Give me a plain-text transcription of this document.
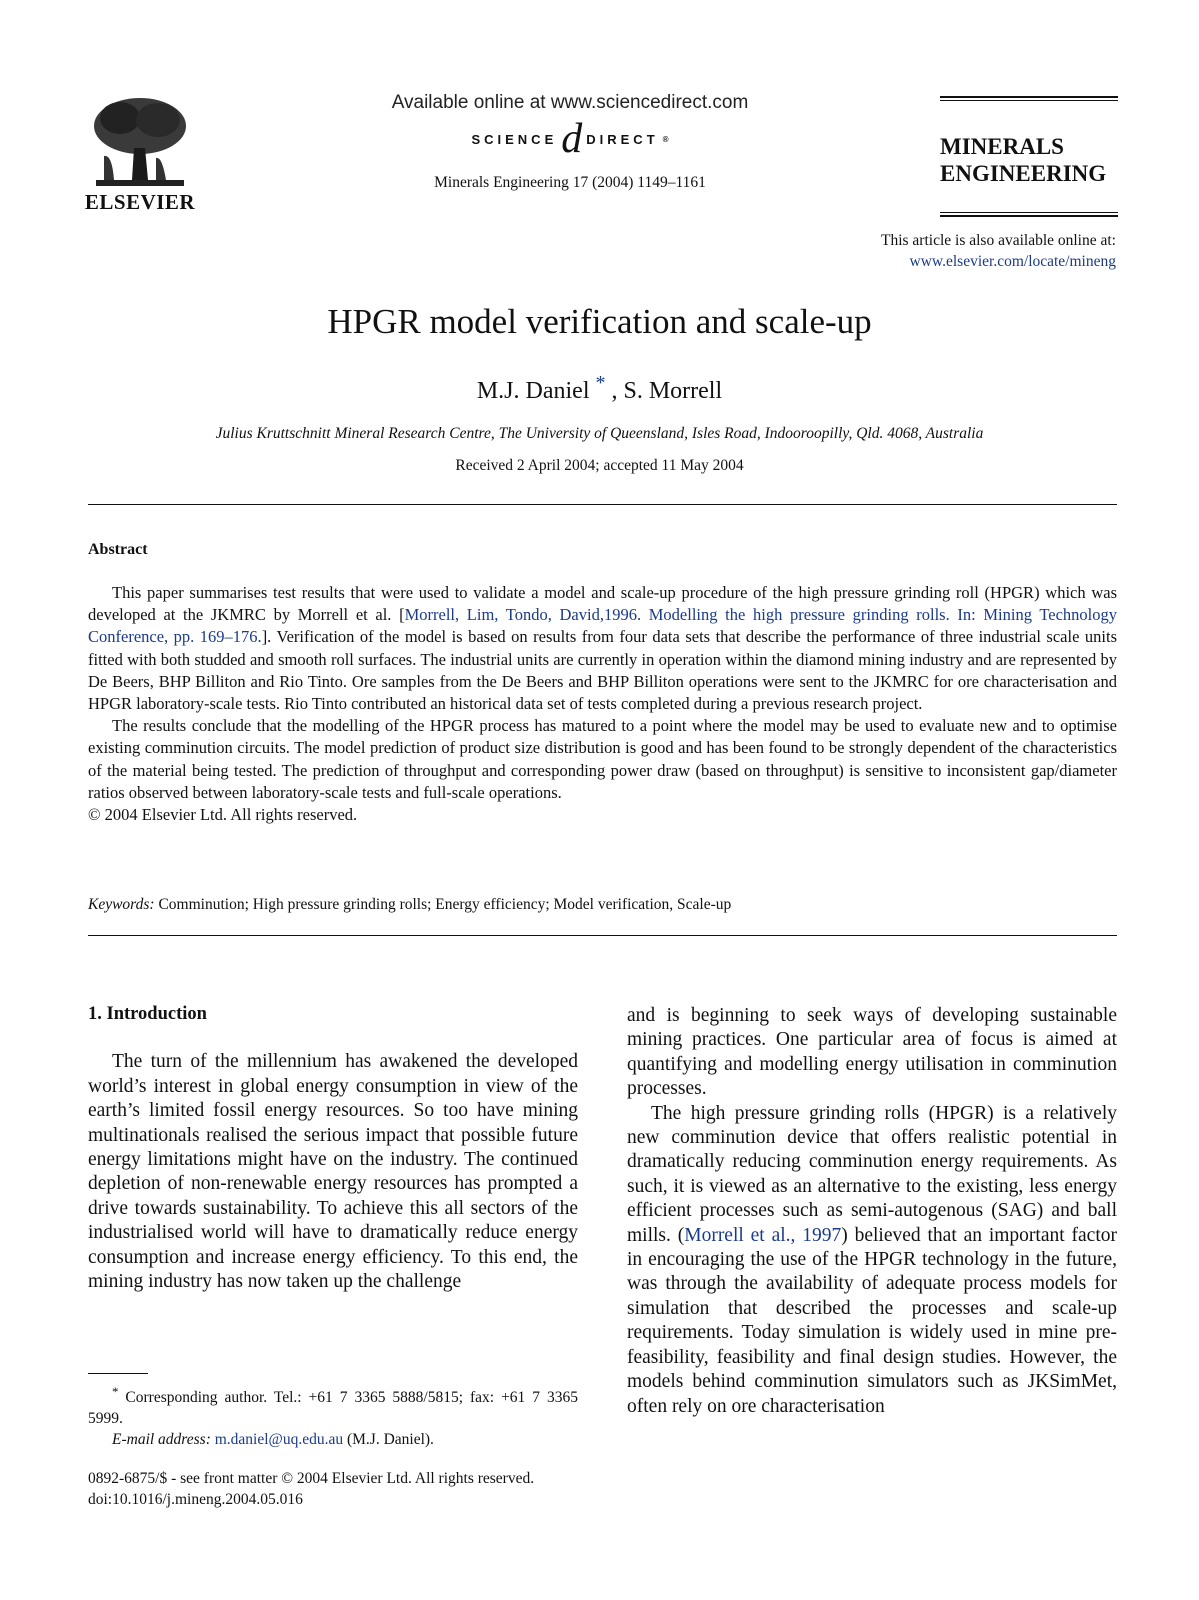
ELSEVIER
Available online at www.sciencedirect.com
SCIENCE d DIRECT ®
Minerals Engineering 17 (2004) 1149–1161
MINERALS
ENGINEERING
This article is also available online at:
www.elsevier.com/locate/mineng
HPGR model verification and scale-up
M.J. Daniel * , S. Morrell
Julius Kruttschnitt Mineral Research Centre, The University of Queensland, Isles Road, Indooroopilly, Qld. 4068, Australia
Received 2 April 2004; accepted 11 May 2004
Abstract

This paper summarises test results that were used to validate a model and scale-up procedure of the high pressure grinding roll (HPGR) which was developed at the JKMRC by Morrell et al. [Morrell, Lim, Tondo, David,1996. Modelling the high pressure grinding rolls. In: Mining Technology Conference, pp. 169–176.]. Verification of the model is based on results from four data sets that describe the performance of three industrial scale units fitted with both studded and smooth roll surfaces. The industrial units are currently in operation within the diamond mining industry and are represented by De Beers, BHP Billiton and Rio Tinto. Ore samples from the De Beers and BHP Billiton operations were sent to the JKMRC for ore characterisation and HPGR laboratory-scale tests. Rio Tinto contributed an historical data set of tests completed during a previous research project.

The results conclude that the modelling of the HPGR process has matured to a point where the model may be used to evaluate new and to optimise existing comminution circuits. The model prediction of product size distribution is good and has been found to be strongly dependent of the characteristics of the material being tested. The prediction of throughput and corresponding power draw (based on throughput) is sensitive to inconsistent gap/diameter ratios observed between laboratory-scale tests and full-scale operations.

© 2004 Elsevier Ltd. All rights reserved.

Keywords: Comminution; High pressure grinding rolls; Energy efficiency; Model verification, Scale-up
1. Introduction

The turn of the millennium has awakened the developed world’s interest in global energy consumption in view of the earth’s limited fossil energy resources. So too have mining multinationals realised the serious impact that possible future energy limitations might have on the industry. The continued depletion of non-renewable energy resources has prompted a drive towards sustainability. To achieve this all sectors of the industrialised world will have to dramatically reduce energy consumption and increase energy efficiency. To this end, the mining industry has now taken up the challenge

and is beginning to seek ways of developing sustainable mining practices. One particular area of focus is aimed at quantifying and modelling energy utilisation in comminution processes.

The high pressure grinding rolls (HPGR) is a relatively new comminution device that offers realistic potential in dramatically reducing comminution energy requirements. As such, it is viewed as an alternative to the existing, less energy efficient processes such as semi-autogenous (SAG) and ball mills. (Morrell et al., 1997) believed that an important factor in encouraging the use of the HPGR technology in the future, was through the availability of adequate process models for simulation that described the processes and scale-up requirements. Today simulation is widely used in mine pre-feasibility, feasibility and final design studies. However, the models behind comminution simulators such as JKSimMet, often rely on ore characterisation

* Corresponding author. Tel.: +61 7 3365 5888/5815; fax: +61 7 3365 5999.

E-mail address: m.daniel@uq.edu.au (M.J. Daniel).

0892-6875/$ - see front matter © 2004 Elsevier Ltd. All rights reserved.
doi:10.1016/j.mineng.2004.05.016
